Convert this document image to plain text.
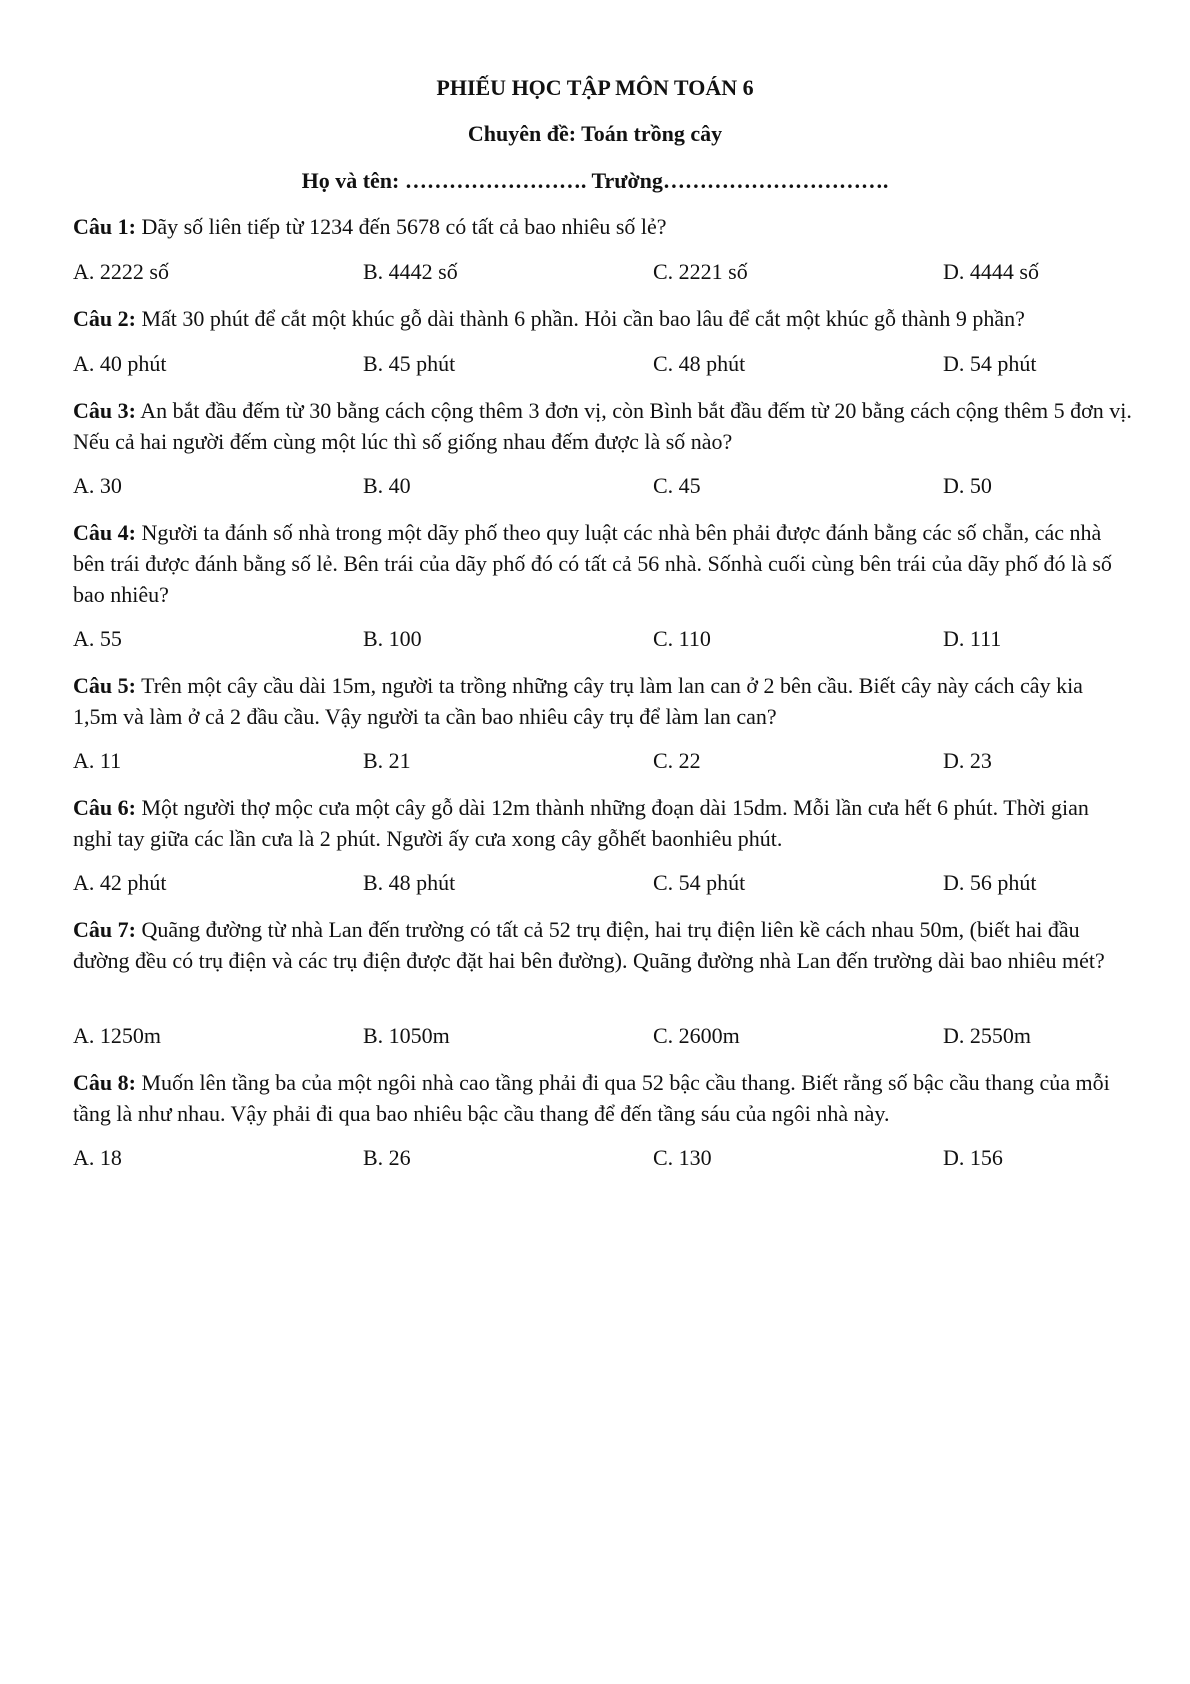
PHIẾU HỌC TẬP MÔN TOÁN 6
Chuyên đề: Toán trồng cây
Họ và tên: ……………………. Trường………………………….
Câu 1: Dãy số liên tiếp từ 1234 đến 5678 có tất cả bao nhiêu số lẻ?
A. 2222 số	B. 4442 số	C. 2221 số	D. 4444 số
Câu 2: Mất 30 phút để cắt một khúc gỗ dài thành 6 phần. Hỏi cần bao lâu để cắt một khúc gỗ thành 9 phần?
A. 40 phút	B. 45 phút	C. 48 phút	D. 54 phút
Câu 3: An bắt đầu đếm từ 30 bằng cách cộng thêm 3 đơn vị, còn Bình bắt đầu đếm từ 20 bằng cách cộng thêm 5 đơn vị. Nếu cả hai người đếm cùng một lúc thì số giống nhau đếm được là số nào?
A. 30	B. 40	C. 45	D. 50
Câu 4: Người ta đánh số nhà trong một dãy phố theo quy luật các nhà bên phải được đánh bằng các số chẵn, các nhà bên trái được đánh bằng số lẻ. Bên trái của dãy phố đó có tất cả 56 nhà. Sốnhà cuối cùng bên trái của dãy phố đó là số bao nhiêu?
A. 55	B. 100	C. 110	D. 111
Câu 5: Trên một cây cầu dài 15m, người ta trồng những cây trụ làm lan can ở 2 bên cầu. Biết cây này cách cây kia 1,5m và làm ở cả 2 đầu cầu. Vậy người ta cần bao nhiêu cây trụ để làm lan can?
A. 11	B. 21	C. 22	D. 23
Câu 6: Một người thợ mộc cưa một cây gỗ dài 12m thành những đoạn dài 15dm. Mỗi lần cưa hết 6 phút. Thời gian nghỉ tay giữa các lần cưa là 2 phút. Người ấy cưa xong cây gỗhết baonhiêu phút.
A. 42 phút	B. 48 phút	C. 54 phút	D. 56 phút
Câu 7: Quãng đường từ nhà Lan đến trường có tất cả 52 trụ điện, hai trụ điện liên kề cách nhau 50m, (biết hai đầu đường đều có trụ điện và các trụ điện được đặt hai bên đường). Quãng đường nhà Lan đến trường dài bao nhiêu mét?
A. 1250m	B. 1050m	C. 2600m	D. 2550m
Câu 8: Muốn lên tầng ba của một ngôi nhà cao tầng phải đi qua 52 bậc cầu thang. Biết rằng số bậc cầu thang của mỗi tầng là như nhau. Vậy phải đi qua bao nhiêu bậc cầu thang để đến tầng sáu của ngôi nhà này.
A. 18	B. 26	C. 130	D. 156
